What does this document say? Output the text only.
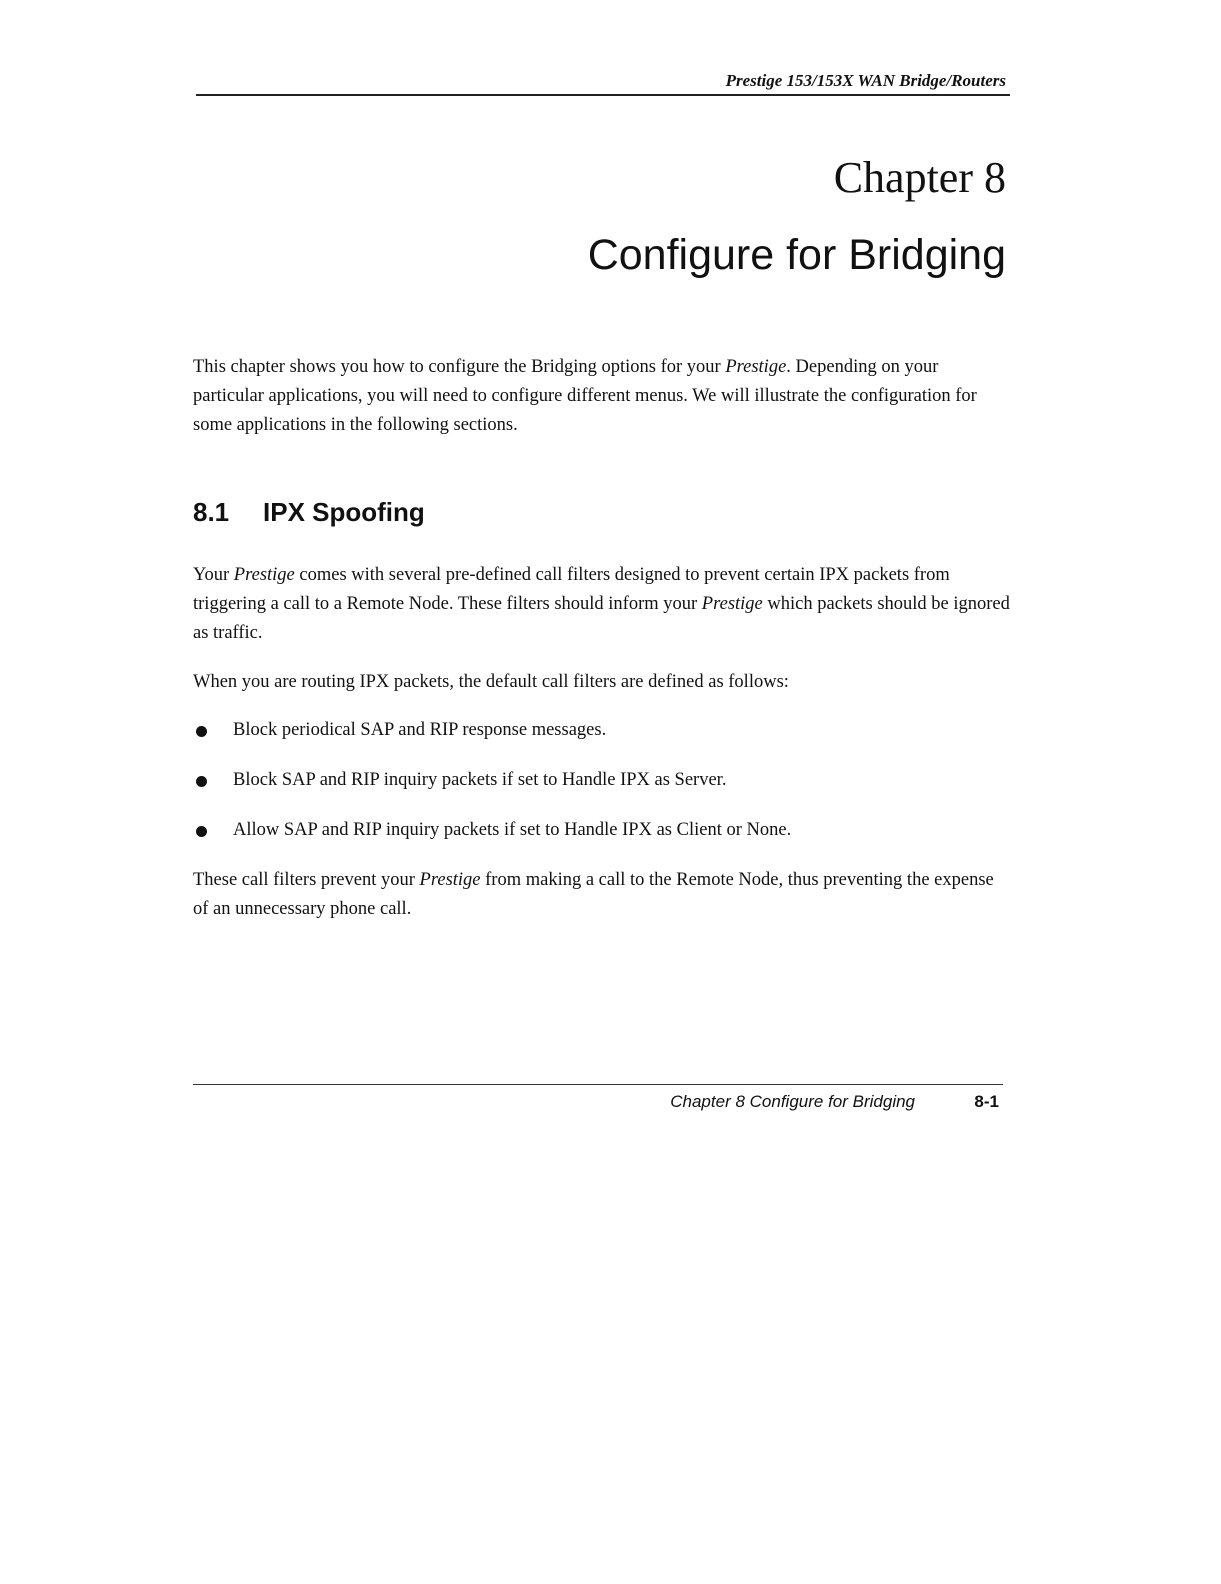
Prestige 153/153X WAN Bridge/Routers
Chapter 8
Configure for Bridging

This chapter shows you how to configure the Bridging options for your Prestige. Depending on your particular applications, you will need to configure different menus. We will illustrate the configuration for some applications in the following sections.

8.1 IPX Spoofing

Your Prestige comes with several pre-defined call filters designed to prevent certain IPX packets from triggering a call to a Remote Node. These filters should inform your Prestige which packets should be ignored as traffic.

When you are routing IPX packets, the default call filters are defined as follows:

Block periodical SAP and RIP response messages.
Block SAP and RIP inquiry packets if set to Handle IPX as Server.
Allow SAP and RIP inquiry packets if set to Handle IPX as Client or None.

These call filters prevent your Prestige from making a call to the Remote Node, thus preventing the expense of an unnecessary phone call.

Chapter 8 Configure for Bridging	8-1
